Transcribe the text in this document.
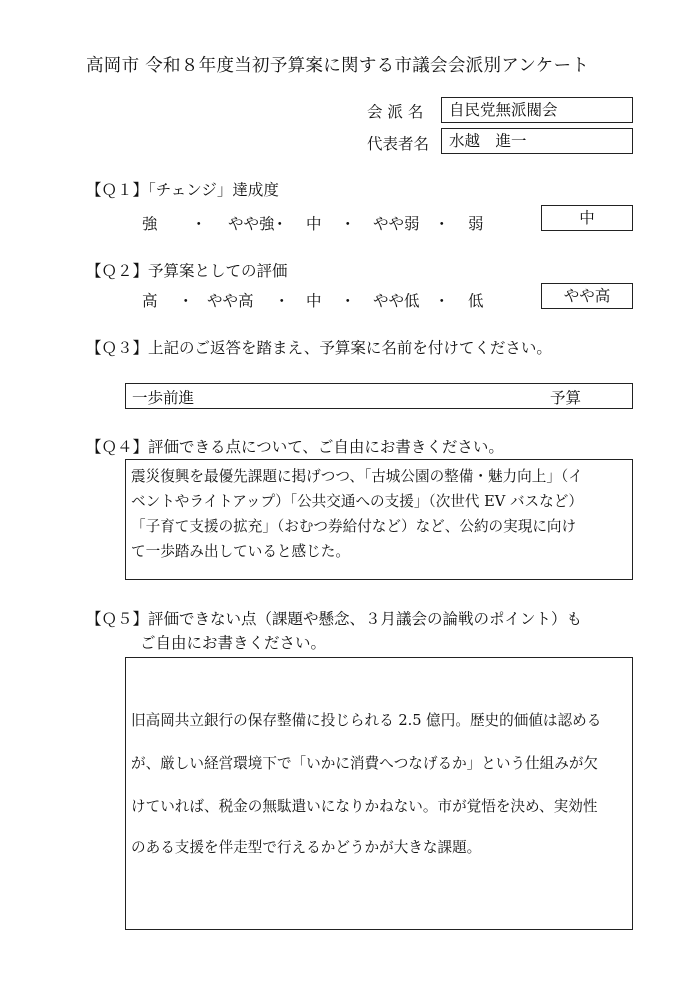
高岡市 令和８年度当初予算案に関する市議会会派別アンケート
会 派 名	自民党無派閥会
代表者名	水越　進一
【Ｑ１】「チェンジ」達成度
強 ・ やや強
・ 中 ・ やや弱 ・ 弱	中
【Ｑ２】予算案としての評価
高 ・ やや高 ・ 中 ・ やや低 ・ 低	やや高
【Ｑ３】上記のご返答を踏まえ、予算案に名前を付けてください。
一歩前進	予算
【Ｑ４】評価できる点について、ご自由にお書きください。
震災復興を最優先課題に掲げつつ、「古城公園の整備・魅力向上」（イ
ベントやライトアップ）「公共交通への支援」（次世代 EV バスなど）
「子育て支援の拡充」（おむつ券給付など）など、公約の実現に向け
て一歩踏み出していると感じた。
【Ｑ５】評価できない点（課題や懸念、３月議会の論戦のポイント）も
ご自由にお書きください。
旧高岡共立銀行の保存整備に投じられる 2.5 億円。歴史的価値は認める
が、厳しい経営環境下で「いかに消費へつなげるか」という仕組みが欠
けていれば、税金の無駄遣いになりかねない。市が覚悟を決め、実効性
のある支援を伴走型で行えるかどうかが大きな課題。
